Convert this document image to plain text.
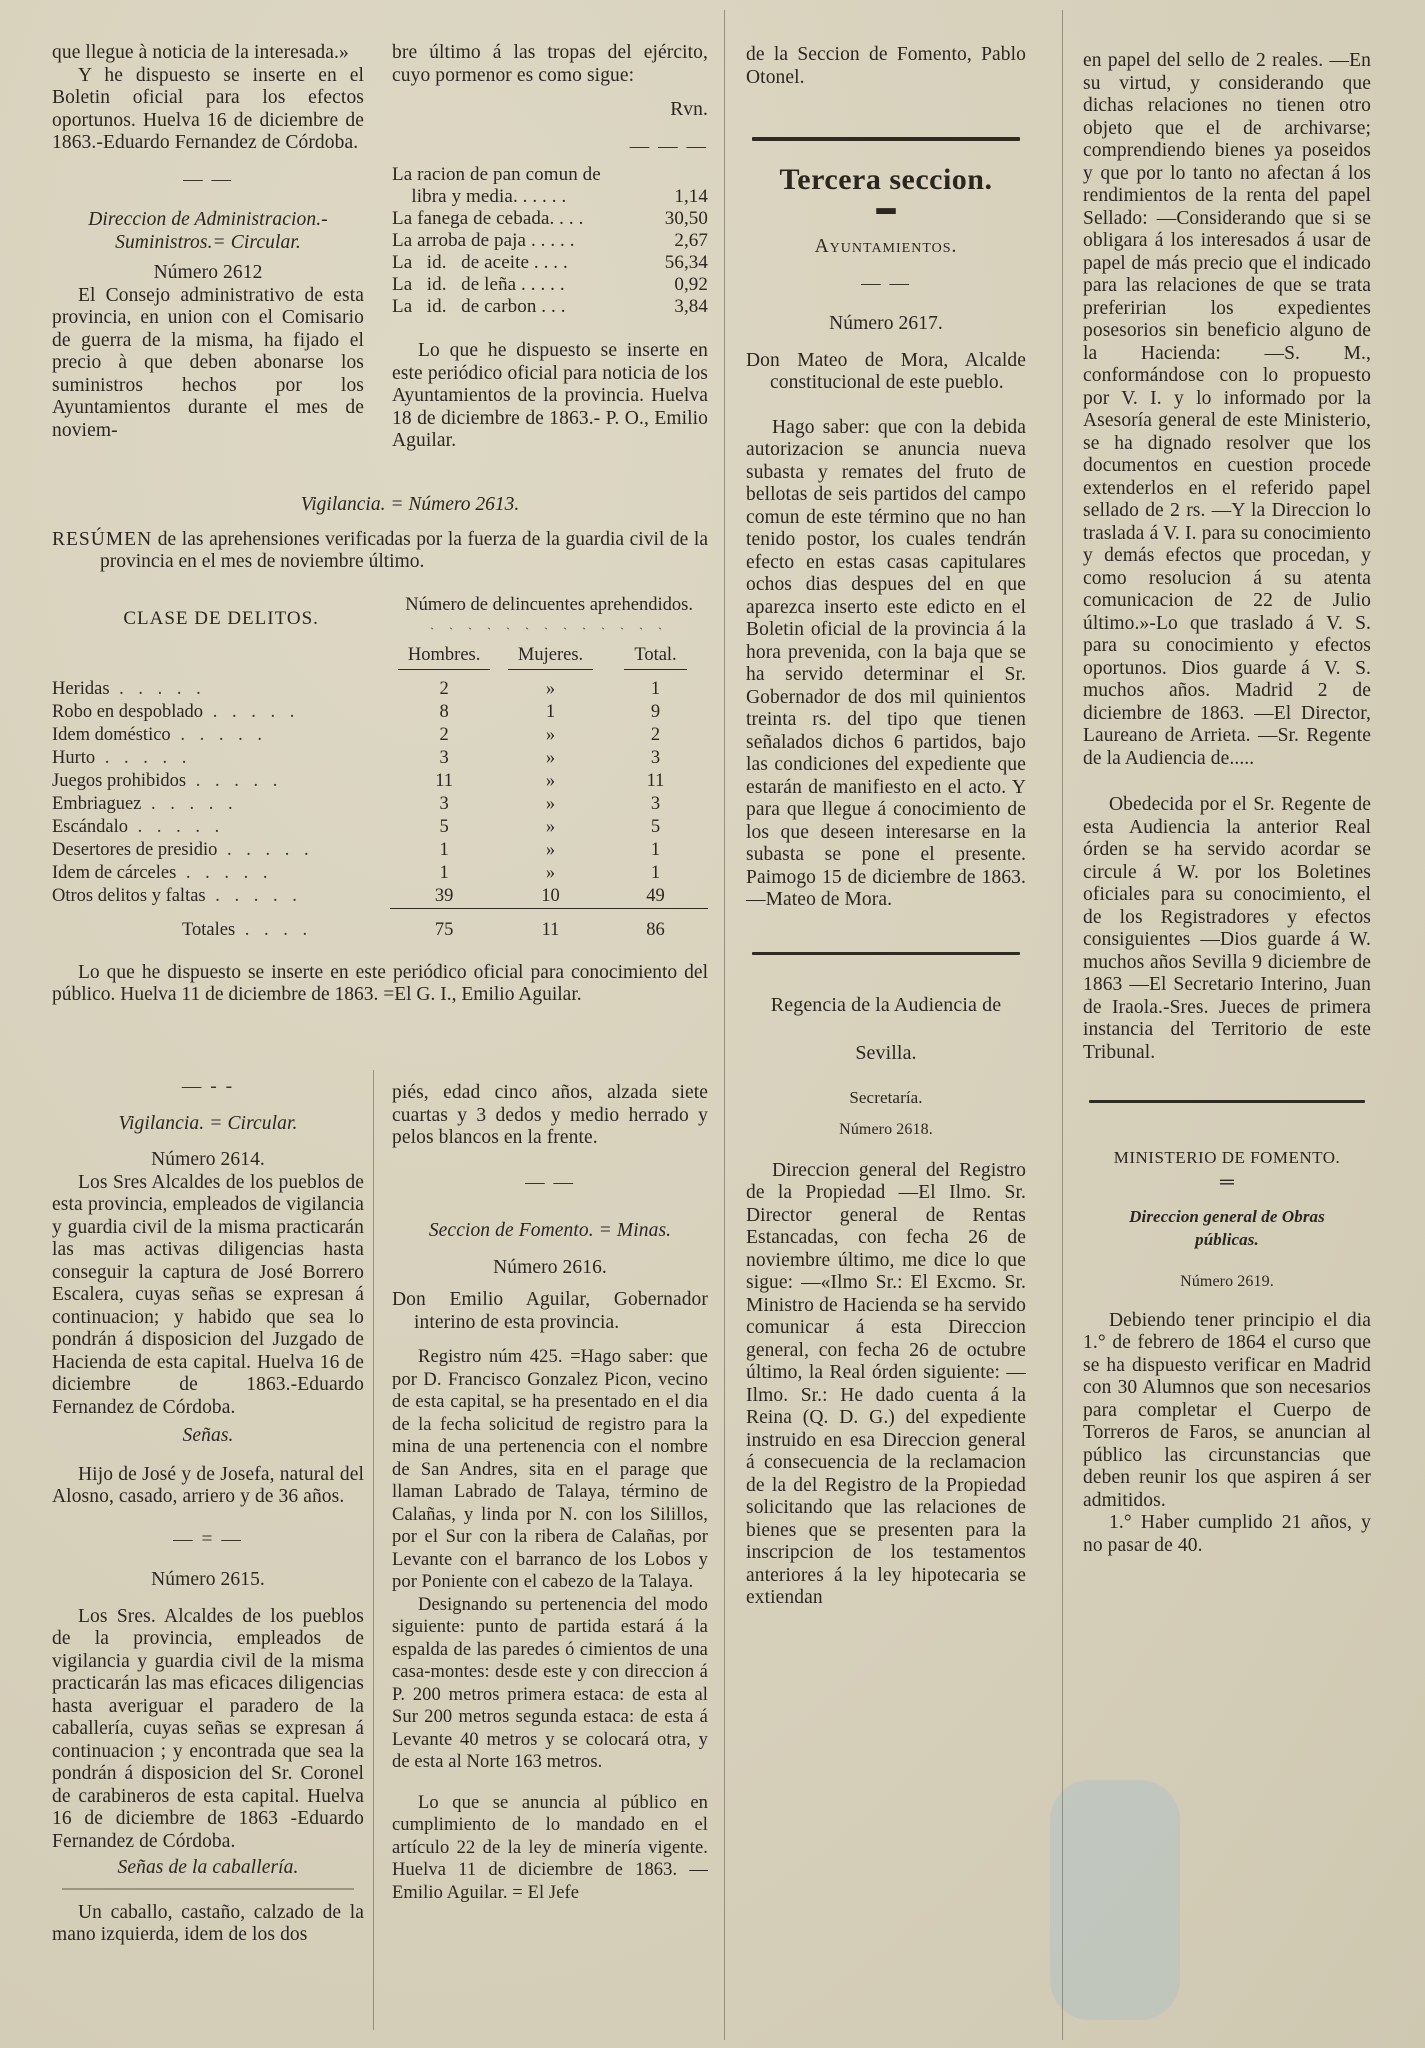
que llegue à noticia de la interesada.»

Y he dispuesto se inserte en el Boletin oficial para los efectos oportunos. Huelva 16 de diciembre de 1863.-Eduardo Fernandez de Córdoba.

— —

Direccion de Administracion.-Suministros.= Circular.

Número 2612

El Consejo administrativo de esta provincia, en union con el Comisario de guerra de la misma, ha fijado el precio à que deben abonarse los suministros hechos por los Ayuntamientos durante el mes de noviem-

bre último á las tropas del ejército, cuyo pormenor es como sigue:

Rvn.
— — —
La racion de pan comun de	
libra y media. . . . . .	1,14
La fanega de cebada. . . .	30,50
La arroba de paja . . . . .	2,67
La   id.   de aceite . . . .	56,34
La   id.   de leña . . . . .	0,92
La   id.   de carbon . . .	3,84

Lo que he dispuesto se inserte en este periódico oficial para noticia de los Ayuntamientos de la provincia. Huelva 18 de diciembre de 1863.- P. O., Emilio Aguilar.

Vigilancia. = Número 2613.

RESÚMEN de las aprehensiones verificadas por la fuerza de la guardia civil de la provincia en el mes de noviembre último.

CLASE DE DELITOS.	Número de delincuentes aprehendidos.		
	` ` ` ` ` ` ` ` ` ` ` ` `		
	Hombres.	Mujeres.	Total.
Heridas . . . . .	2	»	1
Robo en despoblado . . . . .	8	1	9
Idem doméstico . . . . .	2	»	2
Hurto . . . . .	3	»	3
Juegos prohibidos . . . . .	11	»	11
Embriaguez . . . . .	3	»	3
Escándalo . . . . .	5	»	5
Desertores de presidio . . . . .	1	»	1
Idem de cárceles . . . . .	1	»	1
Otros delitos y faltas . . . . .	39	10	49

Totales . . . .	75	11	86

Lo que he dispuesto se inserte en este periódico oficial para conocimiento del público. Huelva 11 de diciembre de 1863. =El G. I., Emilio Aguilar.

— - -

Vigilancia. = Circular.

Número 2614.

Los Sres Alcaldes de los pueblos de esta provincia, empleados de vigilancia y guardia civil de la misma practicarán las mas activas diligencias hasta conseguir la captura de José Borrero Escalera, cuyas señas se expresan á continuacion; y habido que sea lo pondrán á disposicion del Juzgado de Hacienda de esta capital. Huelva 16 de diciembre de 1863.-Eduardo Fernandez de Córdoba.

Señas.

Hijo de José y de Josefa, natural del Alosno, casado, arriero y de 36 años.

— = —

Número 2615.

Los Sres. Alcaldes de los pueblos de la provincia, empleados de vigilancia y guardia civil de la misma practicarán las mas eficaces diligencias hasta averiguar el paradero de la caballería, cuyas señas se expresan á continuacion ; y encontrada que sea la pondrán á disposicion del Sr. Coronel de carabineros de esta capital. Huelva 16 de diciembre de 1863 -Eduardo Fernandez de Córdoba.

Señas de la caballería.

Un caballo, castaño, calzado de la mano izquierda, idem de los dos

piés, edad cinco años, alzada siete cuartas y 3 dedos y medio herrado y pelos blancos en la frente.

— —

Seccion de Fomento. = Minas.

Número 2616.

Don Emilio Aguilar, Gobernador interino de esta provincia.

Registro núm 425. =Hago saber: que por D. Francisco Gonzalez Picon, vecino de esta capital, se ha presentado en el dia de la fecha solicitud de registro para la mina de una pertenencia con el nombre de San Andres, sita en el parage que llaman Labrado de Talaya, término de Calañas, y linda por N. con los Silillos, por el Sur con la ribera de Calañas, por Levante con el barranco de los Lobos y por Poniente con el cabezo de la Talaya.

Designando su pertenencia del modo siguiente: punto de partida estará á la espalda de las paredes ó cimientos de una casa-montes: desde este y con direccion á P. 200 metros primera estaca: de esta al Sur 200 metros segunda estaca: de esta á Levante 40 metros y se colocará otra, y de esta al Norte 163 metros.

Lo que se anuncia al público en cumplimiento de lo mandado en el artículo 22 de la ley de minería vigente. Huelva 11 de diciembre de 1863. —Emilio Aguilar. = El Jefe

de la Seccion de Fomento, Pablo Otonel.

Tercera seccion.
▬

Ayuntamientos.

— —

Número 2617.

Don Mateo de Mora, Alcalde constitucional de este pueblo.

Hago saber: que con la debida autorizacion se anuncia nueva subasta y remates del fruto de bellotas de seis partidos del campo comun de este término que no han tenido postor, los cuales tendrán efecto en estas casas capitulares ochos dias despues del en que aparezca inserto este edicto en el Boletin oficial de la provincia á la hora prevenida, con la baja que se ha servido determinar el Sr. Gobernador de dos mil quinientos treinta rs. del tipo que tienen señalados dichos 6 partidos, bajo las condiciones del expediente que estarán de manifiesto en el acto. Y para que llegue á conocimiento de los que deseen interesarse en la subasta se pone el presente. Paimogo 15 de diciembre de 1863. —Mateo de Mora.

Regencia de la Audiencia de Sevilla.

Secretaría.

Número 2618.

Direccion general del Registro de la Propiedad —El Ilmo. Sr. Director general de Rentas Estancadas, con fecha 26 de noviembre último, me dice lo que sigue: —«Ilmo Sr.: El Excmo. Sr. Ministro de Hacienda se ha servido comunicar á esta Direccion general, con fecha 26 de octubre último, la Real órden siguiente: —Ilmo. Sr.: He dado cuenta á la Reina (Q. D. G.) del expediente instruido en esa Direccion general á consecuencia de la reclamacion de la del Registro de la Propiedad solicitando que las relaciones de bienes que se presenten para la inscripcion de los testamentos anteriores á la ley hipotecaria se extiendan

en papel del sello de 2 reales. —En su virtud, y considerando que dichas relaciones no tienen otro objeto que el de archivarse; comprendiendo bienes ya poseidos y que por lo tanto no afectan á los rendimientos de la renta del papel Sellado: —Considerando que si se obligara á los interesados á usar de papel de más precio que el indicado para las relaciones de que se trata preferirian los expedientes posesorios sin beneficio alguno de la Hacienda: —S. M., conformándose con lo propuesto por V. I. y lo informado por la Asesoría general de este Ministerio, se ha dignado resolver que los documentos en cuestion procede extenderlos en el referido papel sellado de 2 rs. —Y la Direccion lo traslada á V. I. para su conocimiento y demás efectos que procedan, y como resolucion á su atenta comunicacion de 22 de Julio último.»-Lo que traslado á V. S. para su conocimiento y efectos oportunos. Dios guarde á V. S. muchos años. Madrid 2 de diciembre de 1863. —El Director, Laureano de Arrieta. —Sr. Regente de la Audiencia de.....

Obedecida por el Sr. Regente de esta Audiencia la anterior Real órden se ha servido acordar se circule á W. por los Boletines oficiales para su conocimiento, el de los Registradores y efectos consiguientes —Dios guarde á W. muchos años Sevilla 9 diciembre de 1863 —El Secretario Interino, Juan de Iraola.-Sres. Jueces de primera instancia del Territorio de este Tribunal.

MINISTERIO DE FOMENTO.

═

Direccion general de Obras públicas.

Número 2619.

Debiendo tener principio el dia 1.° de febrero de 1864 el curso que se ha dispuesto verificar en Madrid con 30 Alumnos que son necesarios para completar el Cuerpo de Torreros de Faros, se anuncian al público las circunstancias que deben reunir los que aspiren á ser admitidos.

1.° Haber cumplido 21 años, y no pasar de 40.
